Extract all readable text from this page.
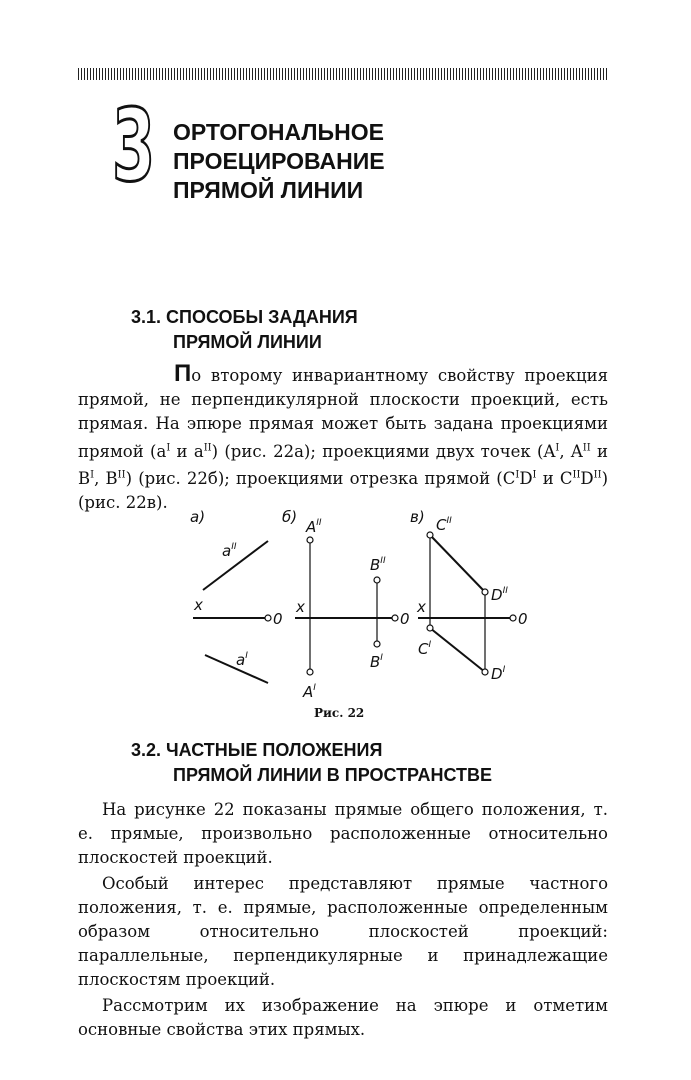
3 ОРТОГОНАЛЬНОЕ
ПРОЕЦИРОВАНИЕ
ПРЯМОЙ ЛИНИИ
3.1. СПОСОБЫ ЗАДАНИЯ
ПРЯМОЙ ЛИНИИ

По второму инвариантному свойству проекция прямой, не перпендикулярной плоскости проекций, есть прямая. На эпюре прямая может быть задана проекциями прямой ($a^I$ и $a^{II}$) (рис. 22а); проекциями двух точек ($A^I$, $A^{II}$ и $B^I$, $B^{II}$) (рис. 22б); проекциями отрезка прямой ($C^ID^I$ и $C^{II}D^{II}$) (рис. 22в).

а)	б)	в)
$a^{II}$
$a^I$
x
0
$A^{II}$
$A^I$
$B^{II}$
$B^I$
x
0
$C^{II}$
$C^I$
$D^{II}$
$D^I$
x
0
Рис. 22
3.2. ЧАСТНЫЕ ПОЛОЖЕНИЯ
ПРЯМОЙ ЛИНИИ В ПРОСТРАНСТВЕ

На рисунке 22 показаны прямые общего положения, т. е. прямые, произвольно расположенные относительно плоскостей проекций.

Особый интерес представляют прямые частного положения, т. е. прямые, расположенные определенным образом относительно плоскостей проекций: параллельные, перпендикулярные и принадлежащие плоскостям проекций.

Рассмотрим их изображение на эпюре и отметим основные свойства этих прямых.
